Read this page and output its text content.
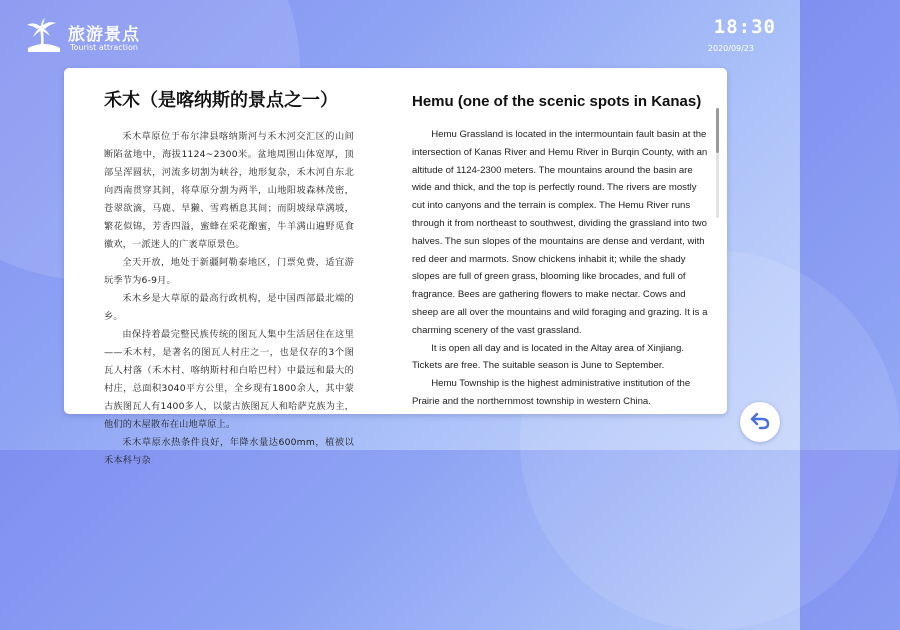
旅游景点
Tourist attraction
18:30
2020/09/23
禾木（是喀纳斯的景点之一）

禾木草原位于布尔津县喀纳斯河与禾木河交汇区的山间断陷盆地中，海拔1124~2300米。盆地周围山体宽厚，顶部呈浑圆状，河流多切割为峡谷，地形复杂，禾木河自东北向西南贯穿其间，将草原分割为两半，山地阳坡森林茂密，苍翠欲滴，马鹿、旱獭、雪鸡栖息其间；而阴坡绿草满坡，繁花似锦，芳香四溢，蜜蜂在采花酿蜜，牛羊满山遍野觅食徽欢，一派迷人的广袤草原景色。

全天开放，地处于新疆阿勒泰地区，门票免费，适宜游玩季节为6-9月。

禾木乡是大草原的最高行政机构，是中国西部最北端的乡。

由保持着最完整民族传统的图瓦人集中生活居住在这里——禾木村，是著名的图瓦人村庄之一，也是仅存的3个图瓦人村落（禾木村、喀纳斯村和白哈巴村）中最远和最大的村庄，总面积3040平方公里，全乡现有1800余人，其中蒙古族图瓦人有1400多人，以蒙古族图瓦人和哈萨克族为主，他们的木屋散布在山地草原上。

禾木草原水热条件良好，年降水量达600mm，植被以禾本科与杂

Hemu (one of the scenic spots in Kanas)

Hemu Grassland is located in the intermountain fault basin at the intersection of Kanas River and Hemu River in Burqin County, with an altitude of 1124-2300 meters. The mountains around the basin are wide and thick, and the top is perfectly round. The rivers are mostly cut into canyons and the terrain is complex. The Hemu River runs through it from northeast to southwest, dividing the grassland into two halves. The sun slopes of the mountains are dense and verdant, with red deer and marmots. Snow chickens inhabit it; while the shady slopes are full of green grass, blooming like brocades, and full of fragrance. Bees are gathering flowers to make nectar. Cows and sheep are all over the mountains and wild foraging and grazing. It is a charming scenery of the vast grassland.

It is open all day and is located in the Altay area of Xinjiang. Tickets are free. The suitable season is June to September.

Hemu Township is the highest administrative institution of the Prairie and the northernmost township in western China.
